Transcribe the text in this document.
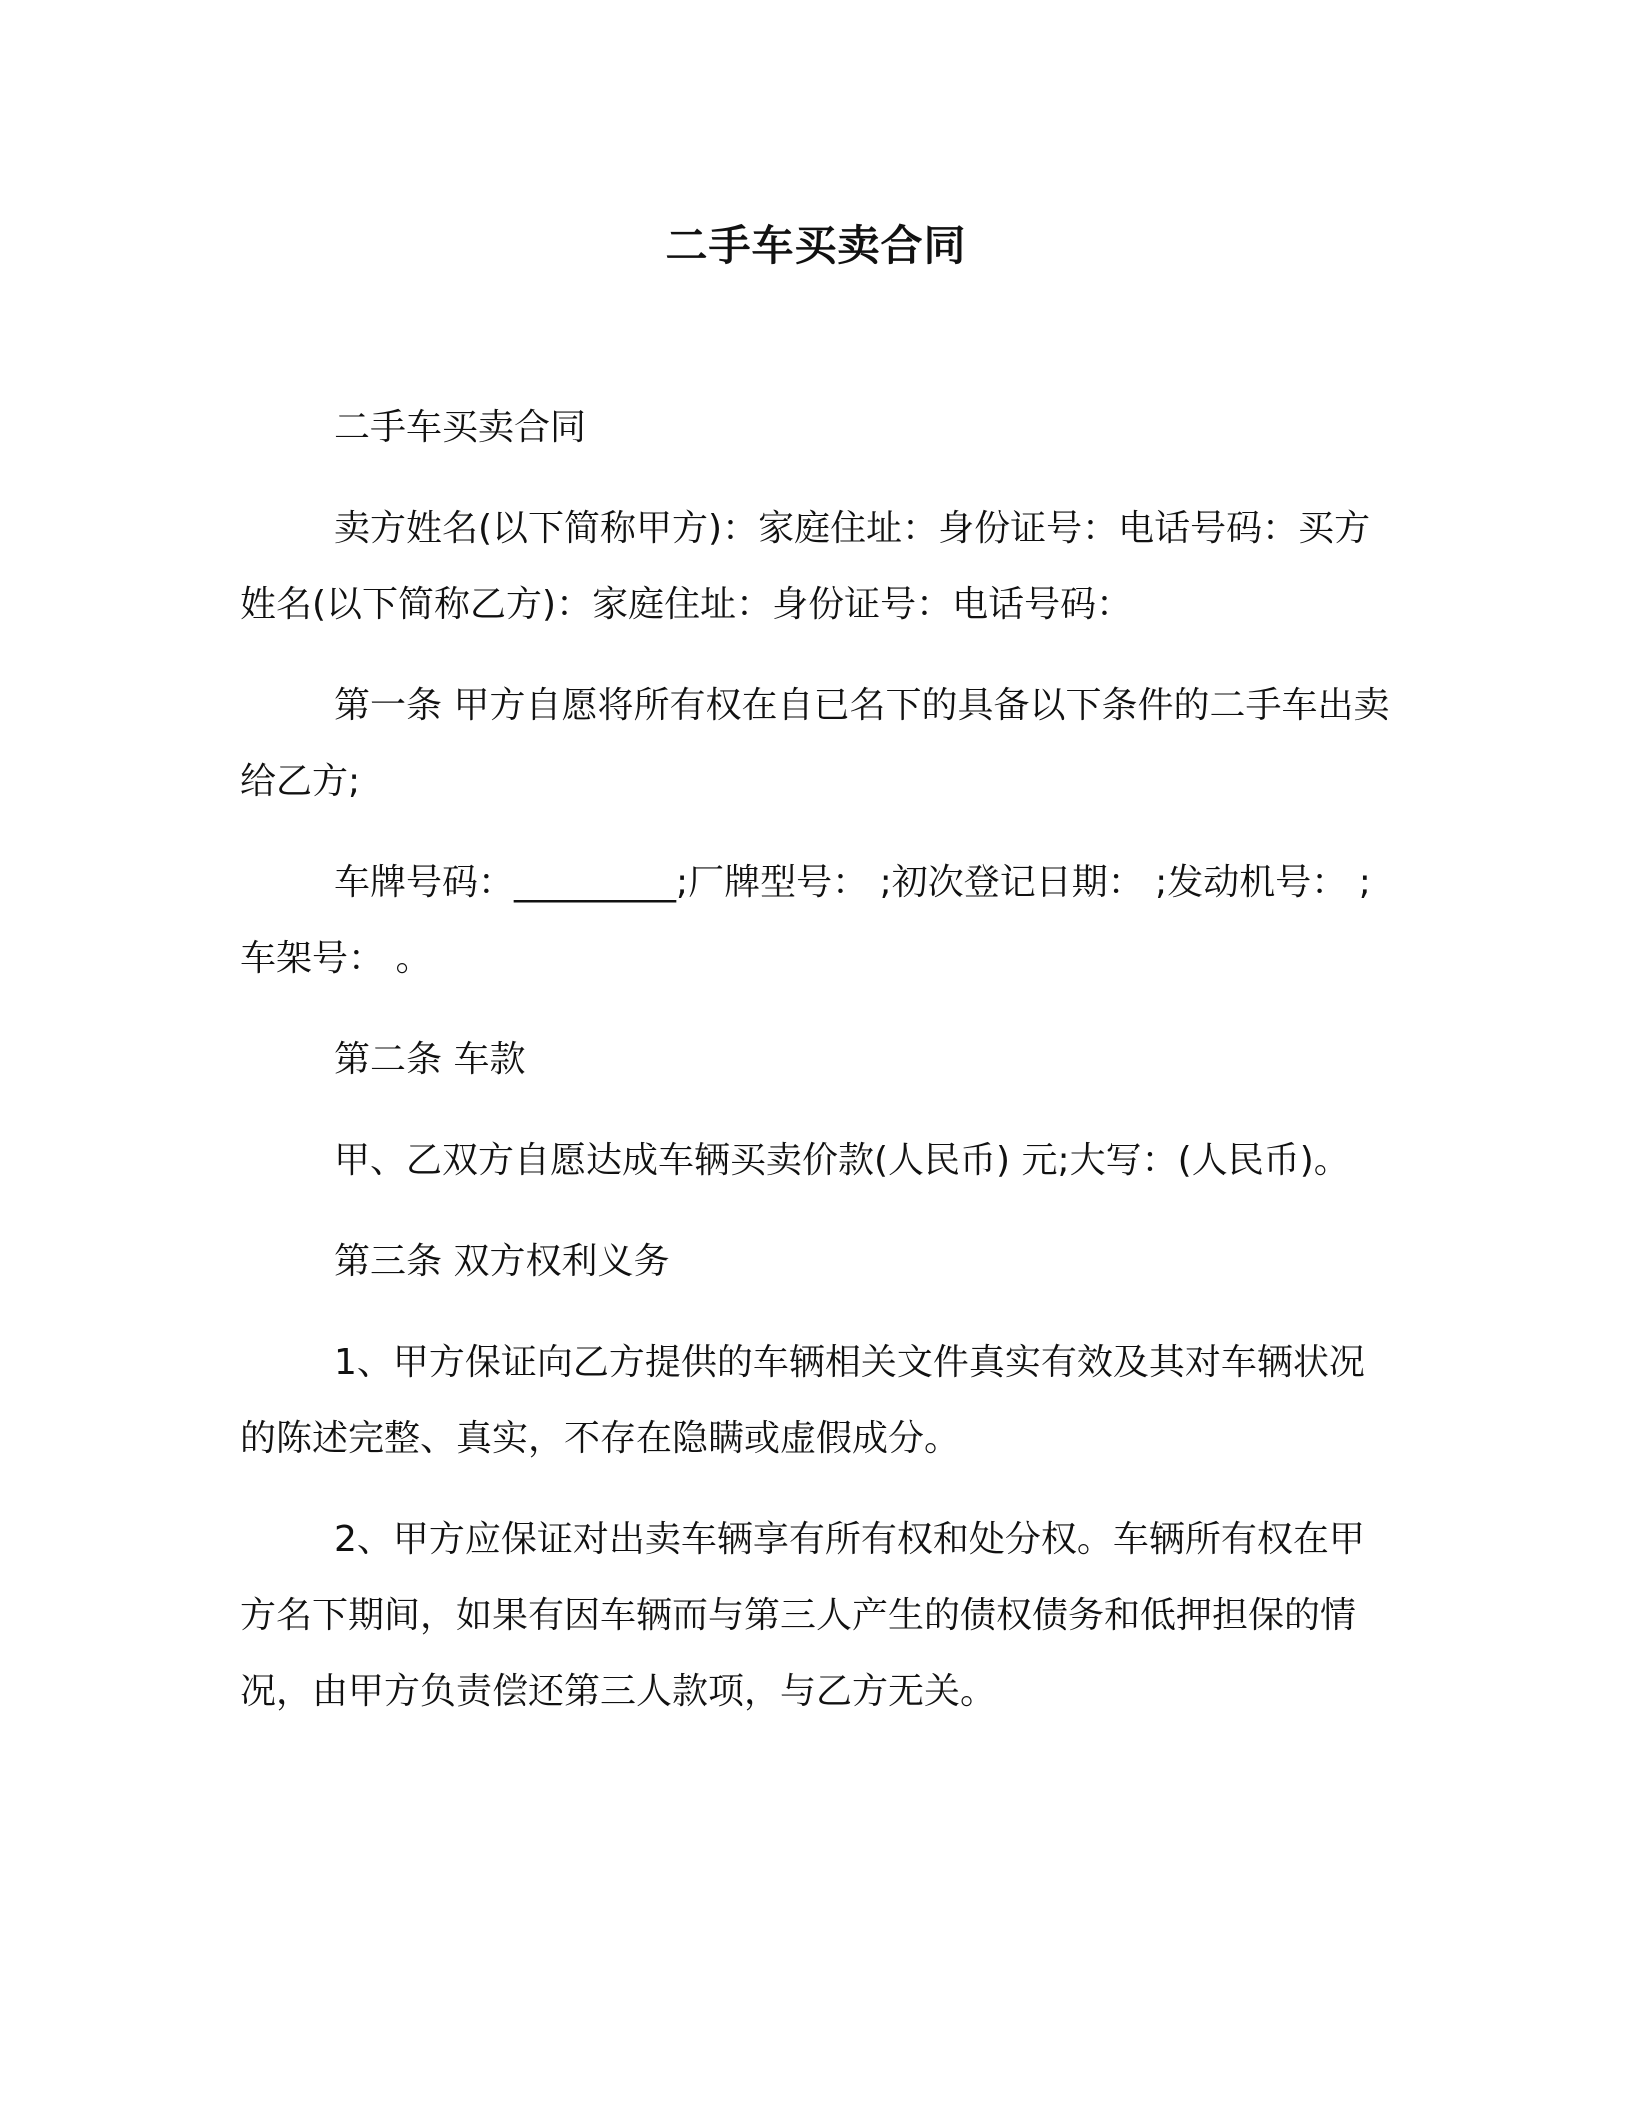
二手车买卖合同

二手车买卖合同

卖方姓名(以下简称甲方)：家庭住址：身份证号：电话号码：买方姓名(以下简称乙方)：家庭住址：身份证号：电话号码：

第一条 甲方自愿将所有权在自已名下的具备以下条件的二手车出卖给乙方;

车牌号码：_________;厂牌型号： ;初次登记日期： ;发动机号： ;车架号： 。

第二条 车款

甲、乙双方自愿达成车辆买卖价款(人民币) 元;大写：(人民币)。

第三条 双方权利义务

1、甲方保证向乙方提供的车辆相关文件真实有效及其对车辆状况的陈述完整、真实，不存在隐瞒或虚假成分。

2、甲方应保证对出卖车辆享有所有权和处分权。车辆所有权在甲方名下期间，如果有因车辆而与第三人产生的债权债务和低押担保的情况，由甲方负责偿还第三人款项，与乙方无关。
